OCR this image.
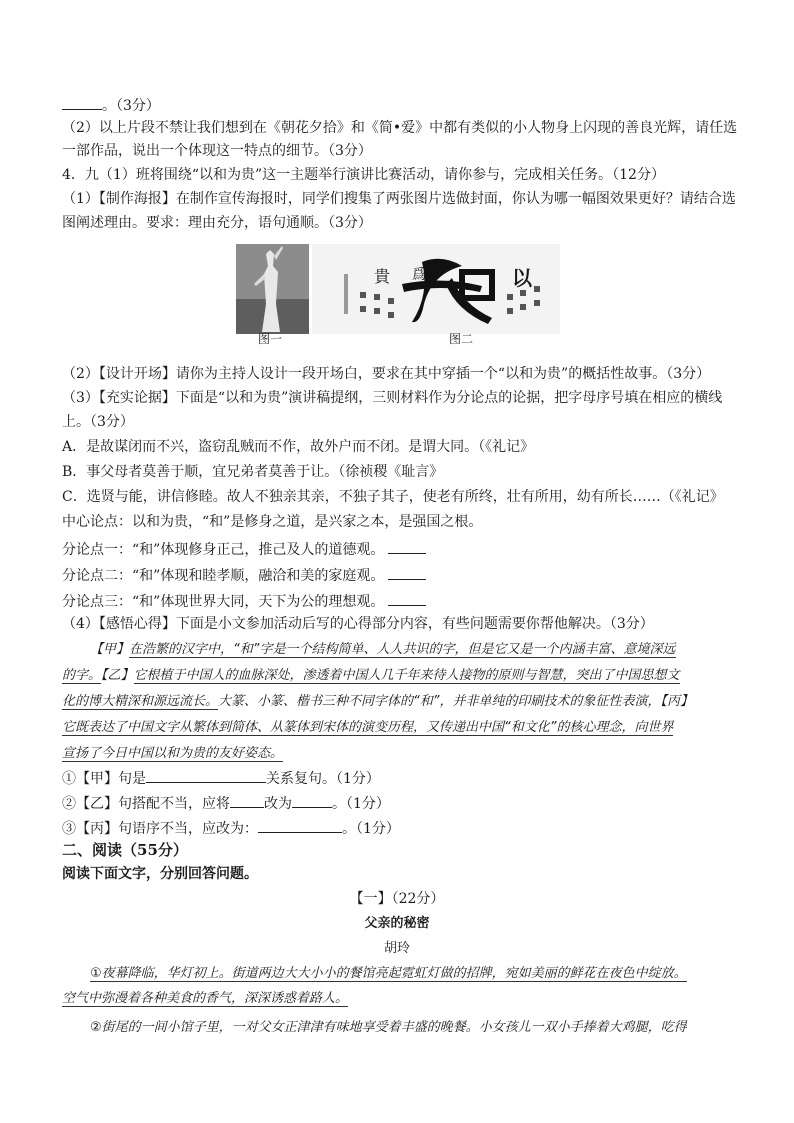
。（3分）
（2）以上片段不禁让我们想到在《朝花夕拾》和《简•爱》中都有类似的小人物身上闪现的善良光辉，请任选
一部作品，说出一个体现这一特点的细节。（3分）
4．九（1）班将围绕“以和为贵”这一主题举行演讲比赛活动，请你参与，完成相关任务。（12分）
（1）【制作海报】在制作宣传海报时，同学们搜集了两张图片选做封面，你认为哪一幅图效果更好？请结合选
图阐述理由。要求：理由充分，语句通顺。（3分）
图一
貴 爲	以
图二
（2）【设计开场】请你为主持人设计一段开场白，要求在其中穿插一个“以和为贵”的概括性故事。（3分）
（3）【充实论据】下面是“以和为贵”演讲稿提纲，三则材料作为分论点的论据，把字母序号填在相应的横线
上。（3分）
A．是故谋闭而不兴，盗窃乱贼而不作，故外户而不闭。是谓大同。（《礼记》
B．事父母者莫善于顺，宜兄弟者莫善于让。（徐祯稷《耻言》
C．选贤与能，讲信修睦。故人不独亲其亲，不独子其子，使老有所终，壮有所用，幼有所长……（《礼记》
中心论点：以和为贵，“和”是修身之道，是兴家之本，是强国之根。
分论点一：“和”体现修身正己，推己及人的道德观。
分论点二：“和”体现和睦孝顺，融洽和美的家庭观。
分论点三：“和”体现世界大同，天下为公的理想观。
（4）【感悟心得】下面是小文参加活动后写的心得部分内容，有些问题需要你帮他解决。（3分）
【甲】在浩繁的汉字中，“和”字是一个结构简单、人人共识的字，但是它又是一个内涵丰富、意境深远
的字。【乙】它根植于中国人的血脉深处，渗透着中国人几千年来待人接物的原则与智慧，突出了中国思想文
化的博大精深和源远流长。大篆、小篆、楷书三种不同字体的“和”，并非单纯的印刷技术的象征性表演，【丙】
它既表达了中国文字从繁体到简体、从篆体到宋体的演变历程，又传递出中国“和文化”的核心理念，向世界
宣扬了今日中国以和为贵的友好姿态。
①【甲】句是	关系复句。（1分）
②【乙】句搭配不当，应将 改为	。（1分）
③【丙】句语序不当，应改为：	。（1分）
二、阅读（55分）
阅读下面文字，分别回答问题。
【一】（22分）
父亲的秘密
胡玲
①夜幕降临，华灯初上。街道两边大大小小的餐馆亮起霓虹灯做的招牌，宛如美丽的鲜花在夜色中绽放。
空气中弥漫着各种美食的香气，深深诱惑着路人。
②街尾的一间小馆子里，一对父女正津津有味地享受着丰盛的晚餐。小女孩儿一双小手捧着大鸡腿，吃得
